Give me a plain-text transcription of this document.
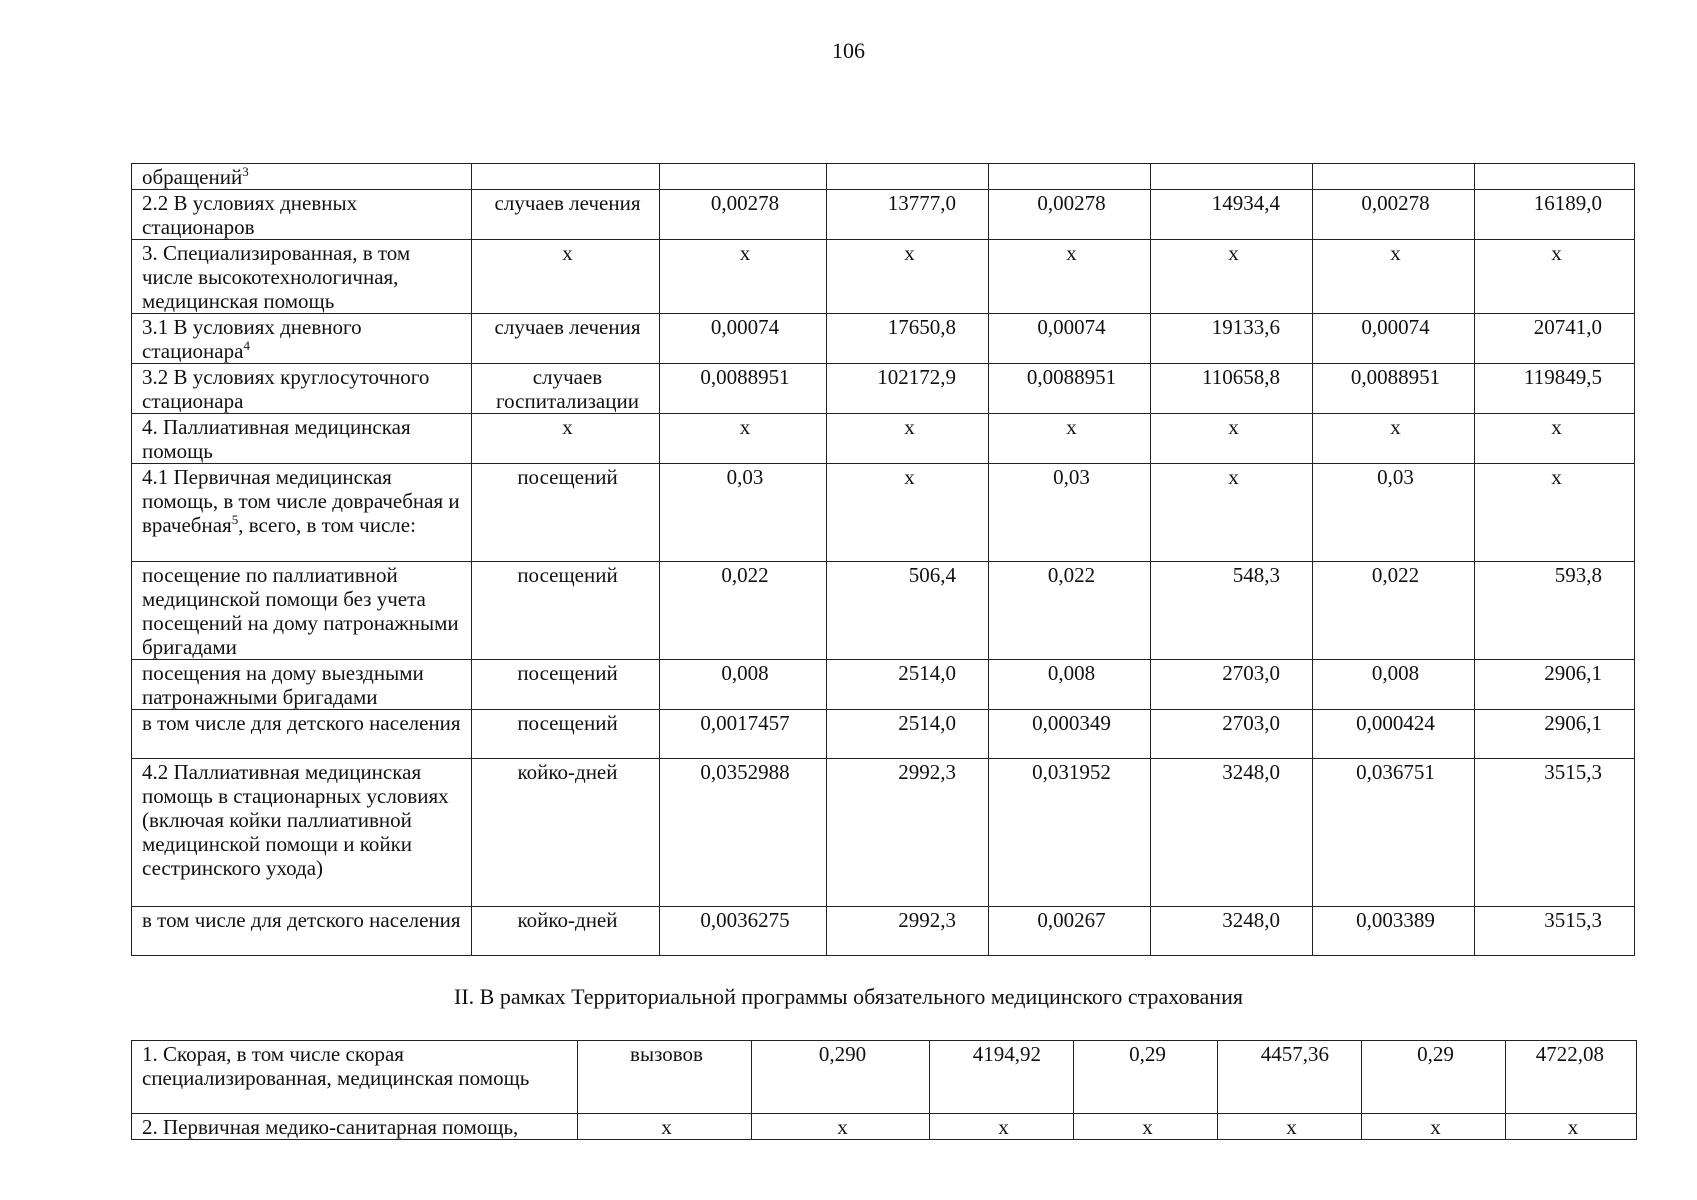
106
обращений$^3$							
2.2 В условиях дневных стационаров	случаев лечения	0,00278	13777,0	0,00278	14934,4	0,00278	16189,0
3. Специализированная, в том числе высокотехнологичная, медицинская помощь	x	x	x	x	x	x	x
3.1 В условиях дневного стационара$^4$	случаев лечения	0,00074	17650,8	0,00074	19133,6	0,00074	20741,0
3.2 В условиях круглосуточного стационара	случаев госпитализации	0,0088951	102172,9	0,0088951	110658,8	0,0088951	119849,5
4. Паллиативная медицинская помощь	x	x	x	x	x	x	x
4.1 Первичная медицинская помощь, в том числе доврачебная и врачебная$^5$, всего, в том числе:	посещений	0,03	x	0,03	x	0,03	x
посещение по паллиативной медицинской помощи без учета посещений на дому патронажными бригадами	посещений	0,022	506,4	0,022	548,3	0,022	593,8
посещения на дому выездными патронажными бригадами	посещений	0,008	2514,0	0,008	2703,0	0,008	2906,1
в том числе для детского населения	посещений	0,0017457	2514,0	0,000349	2703,0	0,000424	2906,1
4.2 Паллиативная медицинская помощь в стационарных условиях (включая койки паллиативной медицинской помощи и койки сестринского ухода)	койко-дней	0,0352988	2992,3	0,031952	3248,0	0,036751	3515,3
в том числе для детского населения	койко-дней	0,0036275	2992,3	0,00267	3248,0	0,003389	3515,3
II. В рамках Территориальной программы обязательного медицинского страхования
1. Скорая, в том числе скорая специализированная, медицинская помощь	вызовов	0,290	4194,92	0,29	4457,36	0,29	4722,08
2. Первичная медико-санитарная помощь,	x	x	x	x	x	x	x
